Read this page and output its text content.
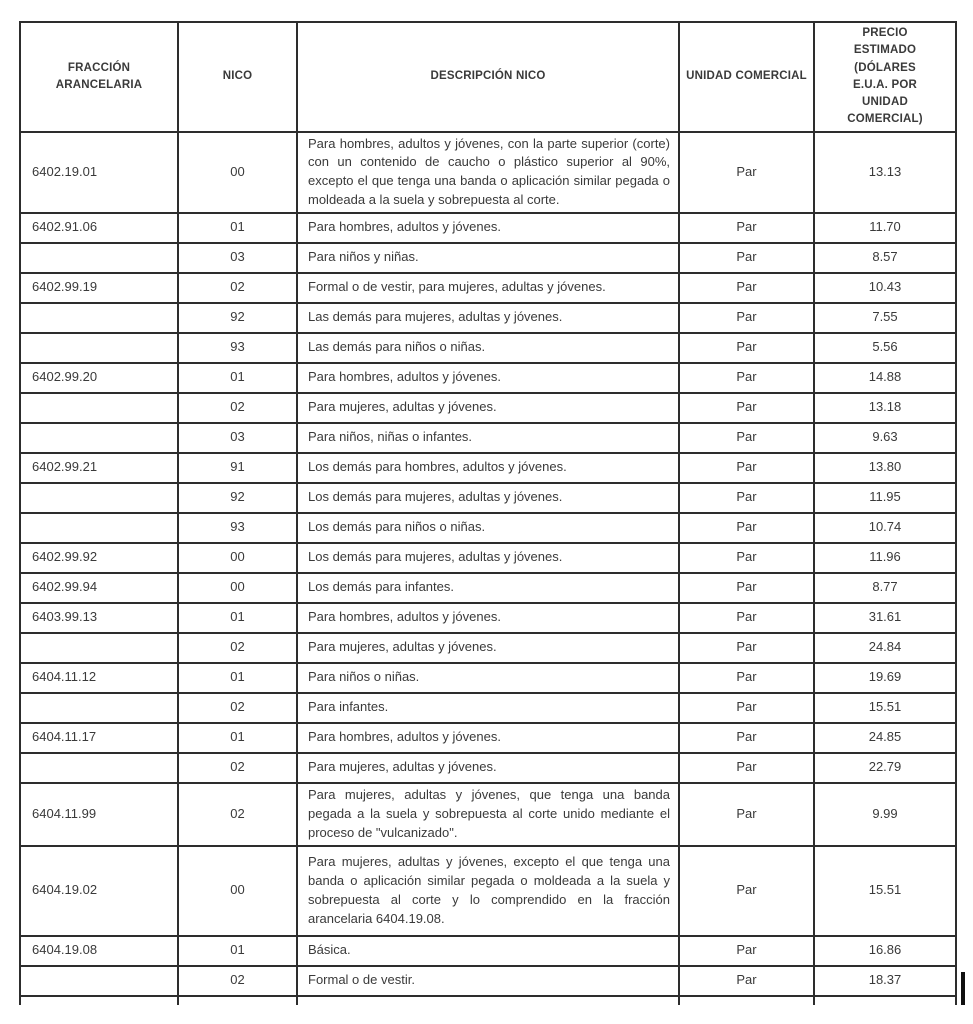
FRACCIÓN ARANCELARIA	NICO	DESCRIPCIÓN NICO	UNIDAD COMERCIAL	PRECIO ESTIMADO (DÓLARES E.U.A. POR UNIDAD COMERCIAL)

6402.19.01	00	Para hombres, adultos y jóvenes, con la parte superior (corte) con un contenido de caucho o plástico superior al 90%, excepto el que tenga una banda o aplicación similar pegada o moldeada a la suela y sobrepuesta al corte.	Par	13.13
6402.91.06	01	Para hombres, adultos y jóvenes.	Par	11.70
	03	Para niños y niñas.	Par	8.57
6402.99.19	02	Formal o de vestir, para mujeres, adultas y jóvenes.	Par	10.43
	92	Las demás para mujeres, adultas y jóvenes.	Par	7.55
	93	Las demás para niños o niñas.	Par	5.56
6402.99.20	01	Para hombres, adultos y jóvenes.	Par	14.88
	02	Para mujeres, adultas y jóvenes.	Par	13.18
	03	Para niños, niñas o infantes.	Par	9.63
6402.99.21	91	Los demás para hombres, adultos y jóvenes.	Par	13.80
	92	Los demás para mujeres, adultas y jóvenes.	Par	11.95
	93	Los demás para niños o niñas.	Par	10.74
6402.99.92	00	Los demás para mujeres, adultas y jóvenes.	Par	11.96
6402.99.94	00	Los demás para infantes.	Par	8.77
6403.99.13	01	Para hombres, adultos y jóvenes.	Par	31.61
	02	Para mujeres, adultas y jóvenes.	Par	24.84
6404.11.12	01	Para niños o niñas.	Par	19.69
	02	Para infantes.	Par	15.51
6404.11.17	01	Para hombres, adultos y jóvenes.	Par	24.85
	02	Para mujeres, adultas y jóvenes.	Par	22.79
6404.11.99	02	Para mujeres, adultas y jóvenes, que tenga una banda pegada a la suela y sobrepuesta al corte unido mediante el proceso de "vulcanizado".	Par	9.99
6404.19.02	00	Para mujeres, adultas y jóvenes, excepto el que tenga una banda o aplicación similar pegada o moldeada a la suela y sobrepuesta al corte y lo comprendido en la fracción arancelaria 6404.19.08.	Par	15.51
6404.19.08	01	Básica.	Par	16.86
	02	Formal o de vestir.	Par	18.37
